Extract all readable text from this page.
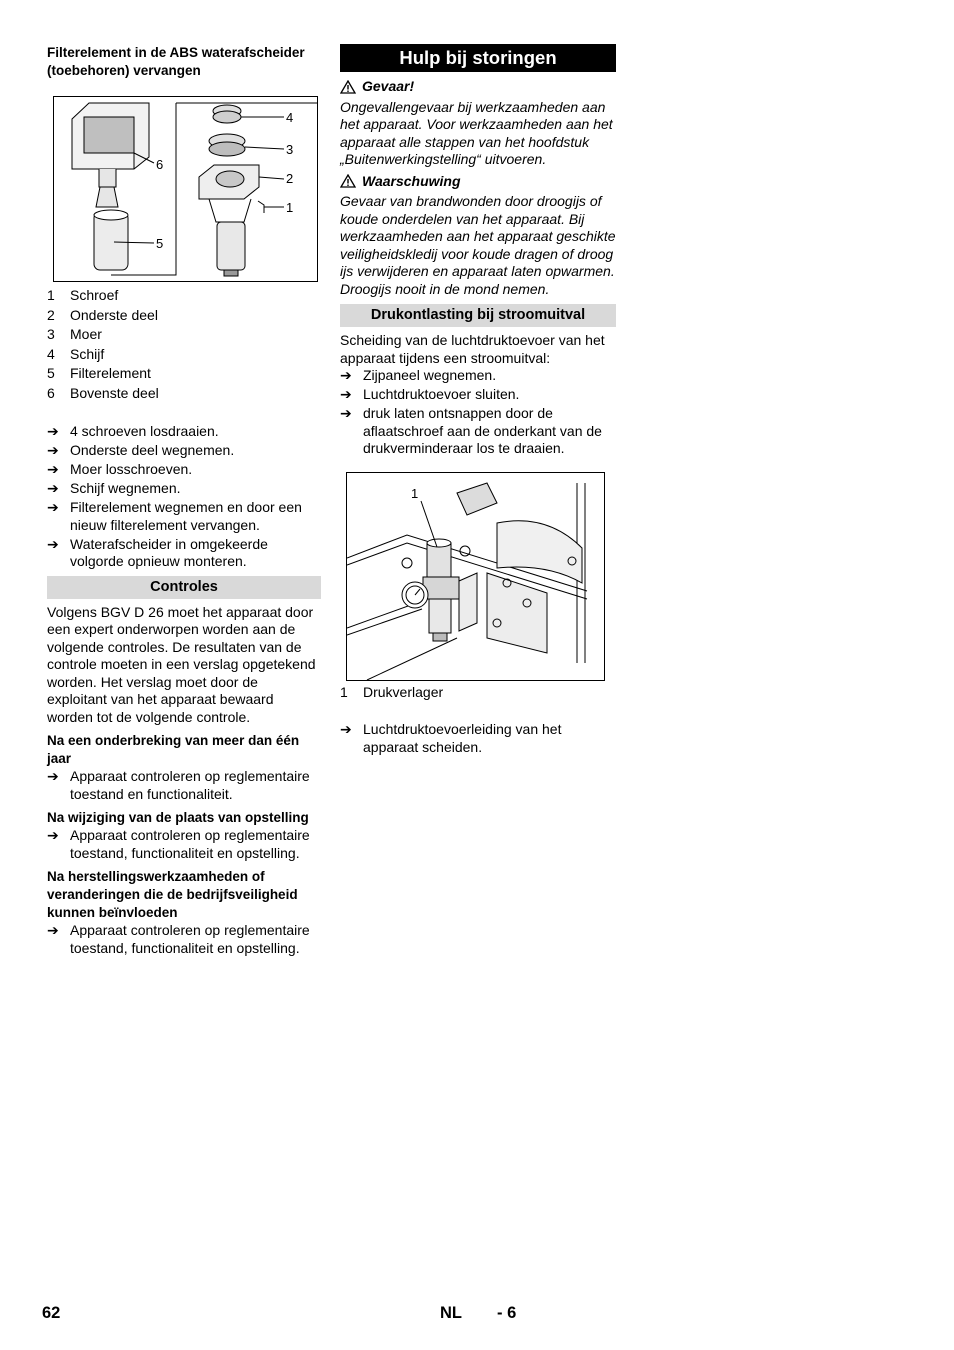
Filterelement in de ABS waterafscheider (toebehoren) vervangen
4
3
2
1
6
5
1	Schroef
2	Onderste deel
3	Moer
4	Schijf
5	Filterelement
6	Bovenste deel
➔ 4 schroeven losdraaien.
➔ Onderste deel wegnemen.
➔ Moer losschroeven.
➔ Schijf wegnemen.
➔ Filterelement wegnemen en door een nieuw filterelement vervangen.
➔ Waterafscheider in omgekeerde volgorde opnieuw monteren.
Controles

Volgens BGV D 26 moet het apparaat door een expert onderworpen worden aan de volgende controles. De resultaten van de controle moeten in een verslag opgetekend worden. Het verslag moet door de exploitant van het apparaat bewaard worden tot de volgende controle.

Na een onderbreking van meer dan één jaar
➔ Apparaat controleren op reglementaire toestand en functionaliteit.
Na wijziging van de plaats van opstelling
➔ Apparaat controleren op reglementaire toestand, functionaliteit en opstelling.
Na herstellingswerkzaamheden of veranderingen die de bedrijfsveiligheid kunnen beïnvloeden
➔ Apparaat controleren op reglementaire toestand, functionaliteit en opstelling.
Hulp bij storingen
Gevaar!

Ongevallengevaar bij werkzaamheden aan het apparaat. Voor werkzaamheden aan het apparaat alle stappen van het hoofdstuk „Buitenwerkingstelling“ uitvoeren.

Waarschuwing

Gevaar van brandwonden door droogijs of koude onderdelen van het apparaat. Bij werkzaamheden aan het apparaat geschikte veiligheidskledij voor koude dragen of droog ijs verwijderen en apparaat laten opwarmen.

Droogijs nooit in de mond nemen.

Drukontlasting bij stroomuitval

Scheiding van de luchtdruktoevoer van het apparaat tijdens een stroomuitval:

➔ Zijpaneel wegnemen.
➔ Luchtdruktoevoer sluiten.
➔ druk laten ontsnappen door de aflaatschroef aan de onderkant van de drukverminderaar los te draaien.
1
1	Drukverlager
➔ Luchtdruktoevoerleiding van het apparaat scheiden.
62	NL - 6
